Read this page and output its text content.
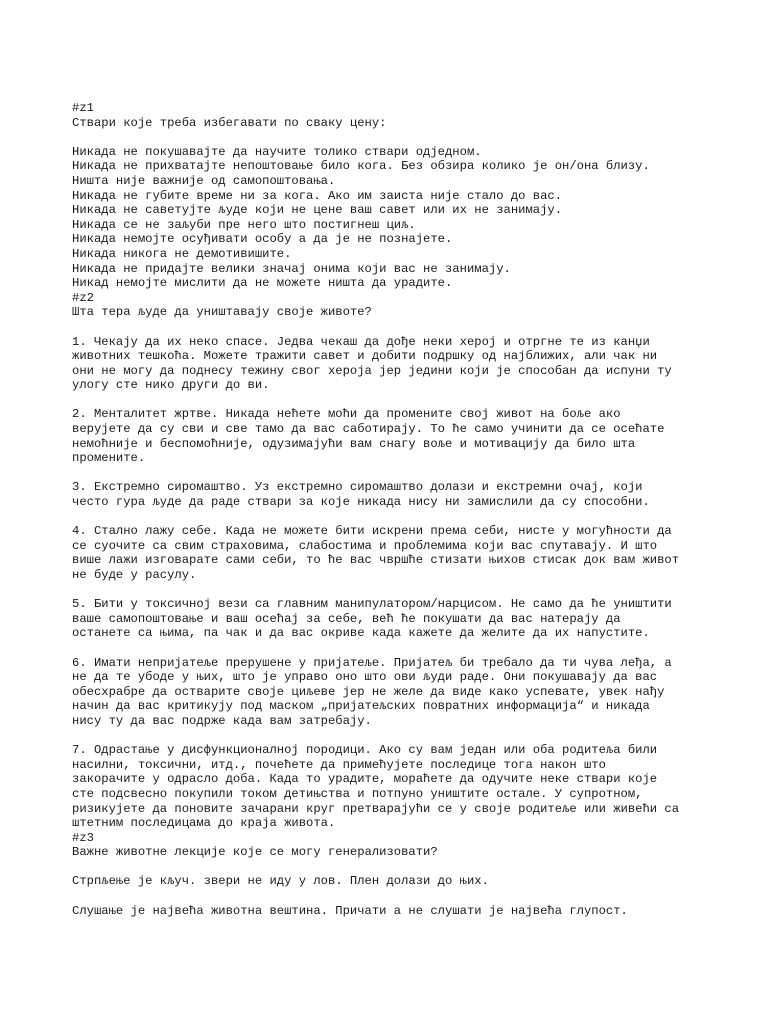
#z1
Ствари које треба избегавати по сваку цену:
Никада не покушавајте да научите толико ствари одједном.
Никада не прихватајте непоштовање било кога. Без обзира колико је он/она близу.
Ништа није важније од самопоштовања.
Никада не губите време ни за кога. Ако им заиста није стало до вас.
Никада не саветујте људе који не цене ваш савет или их не занимају.
Никада се не заљуби пре него што постигнеш циљ.
Никада немојте осуђивати особу а да је не познајете.
Никада никога не демотивишите.
Никада не придајте велики значај онима који вас не занимају.
Никад немојте мислити да не можете ништа да урадите.
#z2
Шта тера људе да уништавају своје животе?
1. Чекају да их неко спасе. Једва чекаш да дође неки херој и отргне те из канџи
животних тешкоћа. Можете тражити савет и добити подршку од најближих, али чак ни
они не могу да поднесу тежину свог хероја јер једини који је способан да испуни ту
улогу сте нико други до ви.
2. Менталитет жртве. Никада нећете моћи да промените свој живот на боље ако
верујете да су сви и све тамо да вас саботирају. То ће само учинити да се осећате
немоћније и беспомоћније, одузимајући вам снагу воље и мотивацију да било шта
промените.
3. Екстремно сиромаштво. Уз екстремно сиромаштво долази и екстремни очај, који
често гура људе да раде ствари за које никада нису ни замислили да су способни.
4. Стално лажу себе. Када не можете бити искрени према себи, нисте у могућности да
се суочите са свим страховима, слабостима и проблемима који вас спутавају. И што
више лажи изговарате сами себи, то ће вас чвршће стизати њихов стисак док вам живот
не буде у расулу.
5. Бити у токсичној вези са главним манипулатором/нарцисом. Не само да ће уништити
ваше самопоштовање и ваш осећај за себе, већ ће покушати да вас натерају да
останете са њима, па чак и да вас окриве када кажете да желите да их напустите.
6. Имати непријатеље прерушене у пријатеље. Пријатељ би требало да ти чува леђа, а
не да те убоде у њих, што је управо оно што ови људи раде. Они покушавају да вас
обесхрабре да остварите своје циљеве јер не желе да виде како успевате, увек нађу
начин да вас критикују под маском „пријатељских повратних информација“ и никада
нису ту да вас подрже када вам затребају.
7. Одрастање у дисфункционалној породици. Ако су вам један или оба родитеља били
насилни, токсични, итд., почећете да примећујете последице тога након што
закорачите у одрасло доба. Када то урадите, мораћете да одучите неке ствари које
сте подсвесно покупили током детињства и потпуно уништите остале. У супротном,
ризикујете да поновите зачарани круг претварајући се у своје родитеље или живећи са
штетним последицама до краја живота.
#z3
Важне животне лекције које се могу генерализовати?
Стрпљење је кључ. звери не иду у лов. Плен долази до њих.
Слушање је највећа животна вештина. Причати а не слушати је највећа глупост.
